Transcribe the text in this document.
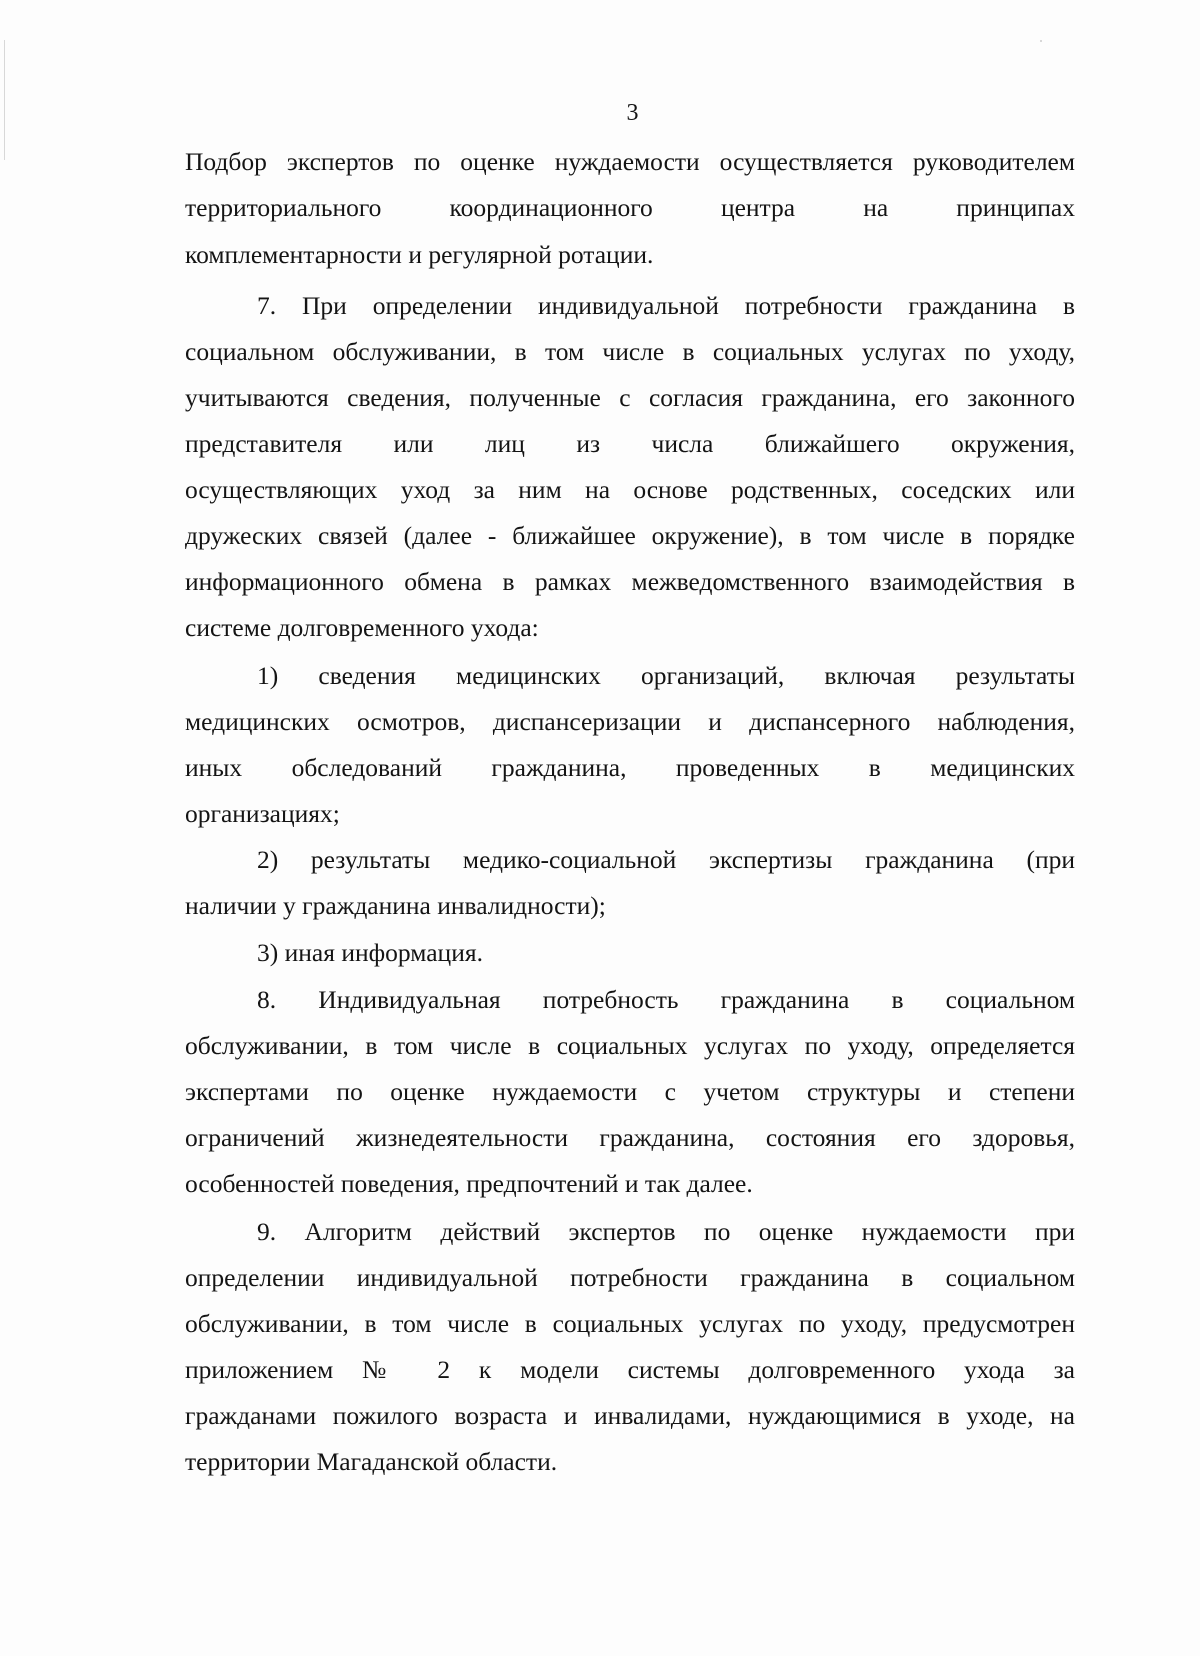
3
Подбор экспертов по оценке нуждаемости осуществляется руководителем
территориального координационного центра на принципах
комплементарности и регулярной ротации.
7. При определении индивидуальной потребности гражданина в
социальном обслуживании, в том числе в социальных услугах по уходу,
учитываются сведения, полученные с согласия гражданина, его законного
представителя или лиц из числа ближайшего окружения,
осуществляющих уход за ним на основе родственных, соседских или
дружеских связей (далее - ближайшее окружение), в том числе в порядке
информационного обмена в рамках межведомственного взаимодействия в
системе долговременного ухода:
1) сведения медицинских организаций, включая результаты
медицинских осмотров, диспансеризации и диспансерного наблюдения,
иных обследований гражданина, проведенных в медицинских
организациях;
2) результаты медико-социальной экспертизы гражданина (при
наличии у гражданина инвалидности);
3) иная информация.
8. Индивидуальная потребность гражданина в социальном
обслуживании, в том числе в социальных услугах по уходу, определяется
экспертами по оценке нуждаемости с учетом структуры и степени
ограничений жизнедеятельности гражданина, состояния его здоровья,
особенностей поведения, предпочтений и так далее.
9. Алгоритм действий экспертов по оценке нуждаемости при
определении индивидуальной потребности гражданина в социальном
обслуживании, в том числе в социальных услугах по уходу, предусмотрен
приложением № 2 к модели системы долговременного ухода за
гражданами пожилого возраста и инвалидами, нуждающимися в уходе, на
территории Магаданской области.
